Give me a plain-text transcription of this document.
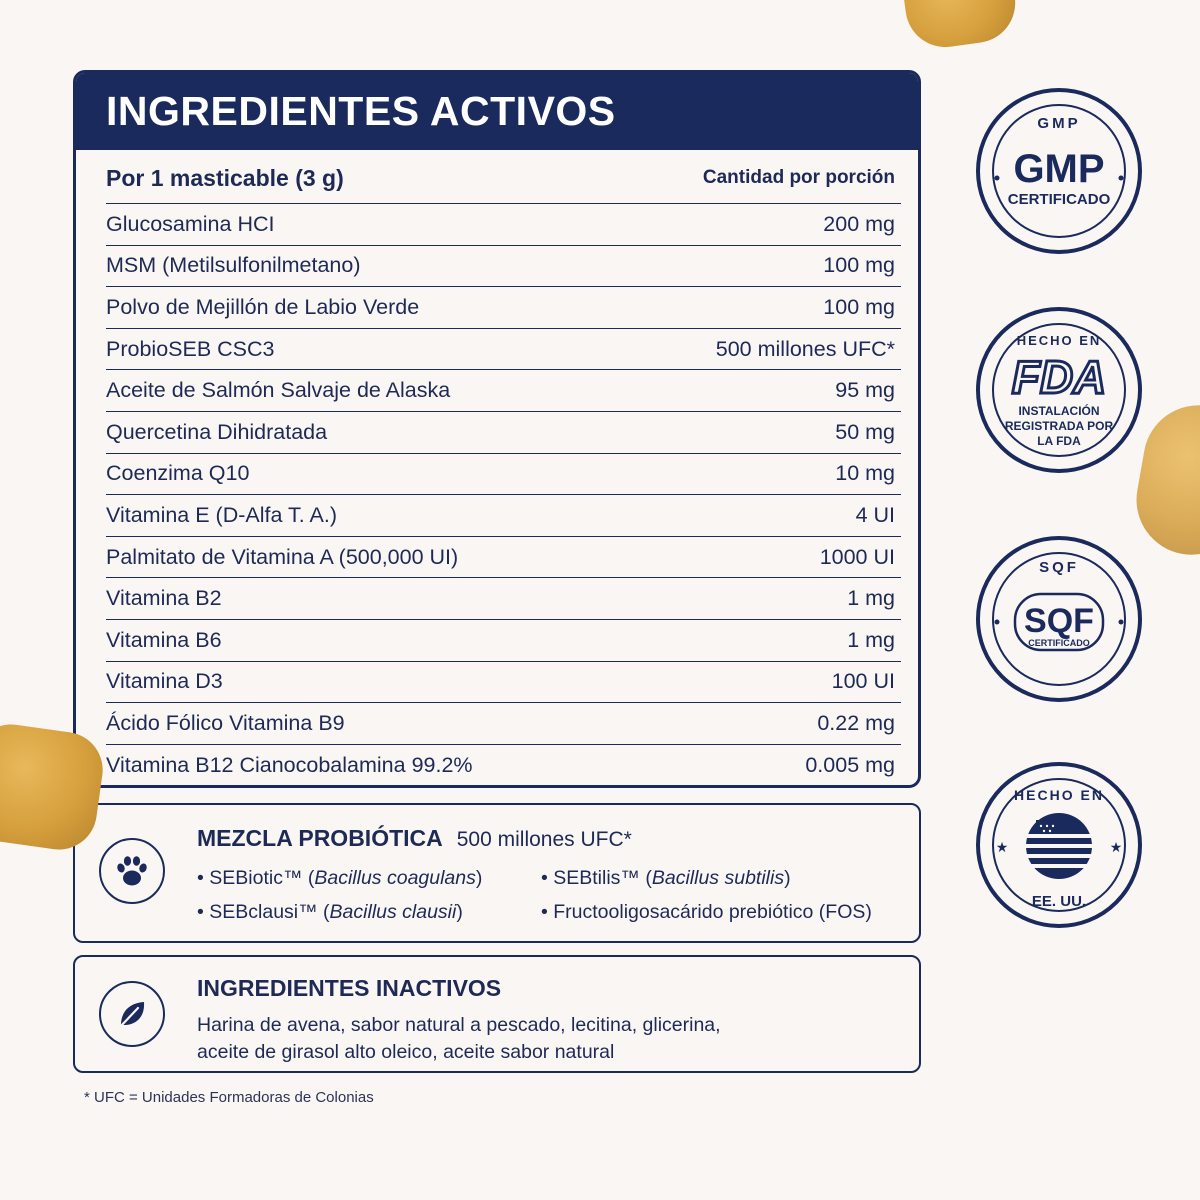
INGREDIENTES ACTIVOS
Por 1 masticable (3 g)	Cantidad por porción
Glucosamina HCI	200 mg
MSM (Metilsulfonilmetano)	100 mg
Polvo de Mejillón de Labio Verde	100 mg
ProbioSEB CSC3	500 millones UFC*
Aceite de Salmón Salvaje de Alaska	95 mg
Quercetina Dihidratada	50 mg
Coenzima Q10	10 mg
Vitamina E (D-Alfa T. A.)	4 UI
Palmitato de Vitamina A (500,000 UI)	1000 UI
Vitamina B2	1 mg
Vitamina B6	1 mg
Vitamina D3	100 UI
Ácido Fólico Vitamina B9	0.22 mg
Vitamina B12 Cianocobalamina 99.2%	0.005 mg
MEZCLA PROBIÓTICA 500 millones UFC*
• SEBiotic™ (Bacillus coagulans)
• SEBclausi™ (Bacillus clausii)
• SEBtilis™ (Bacillus subtilis)
• Fructooligosacárido prebiótico (FOS)
INGREDIENTES INACTIVOS
Harina de avena, sabor natural a pescado, lecitina, glicerina,
aceite de girasol alto oleico, aceite sabor natural
* UFC = Unidades Formadoras de Colonias
GMP
GMP
CERTIFICADO
HECHO EN
FDA
INSTALACIÓN
REGISTRADA POR
LA FDA
SQF
SQF
CERTIFICADO
HECHO EN
★	★
EE. UU.
